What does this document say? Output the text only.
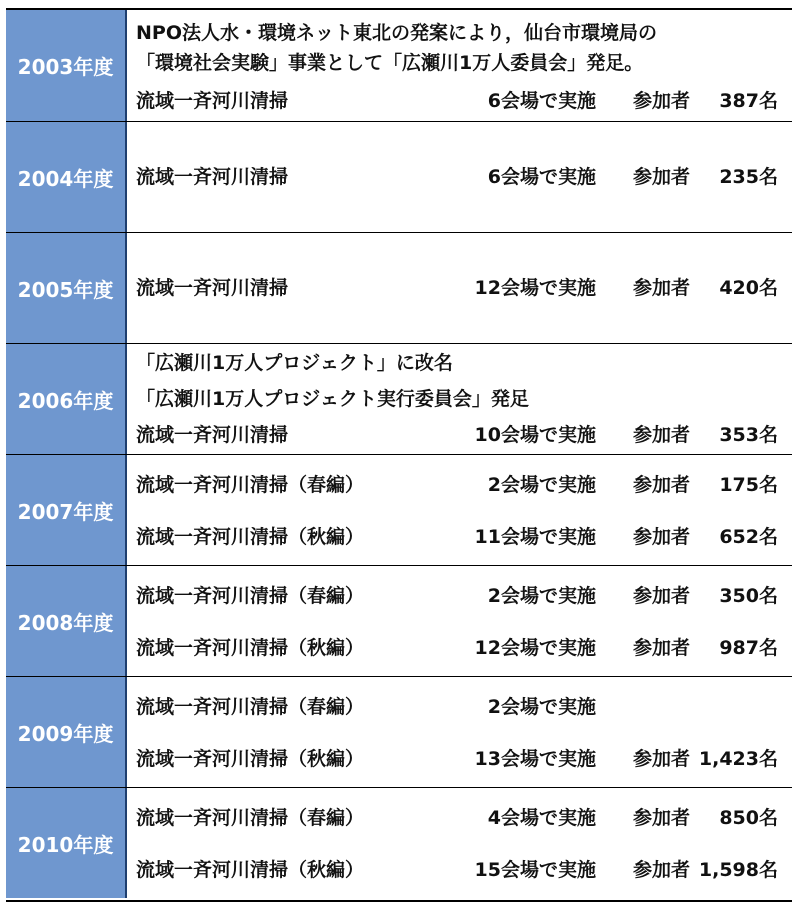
2003年度
NPO法人水・環境ネット東北の発案により，仙台市環境局の
「環境社会実験」事業として「広瀬川1万人委員会」発足。
流域一斉河川清掃	6会場で実施 参加者 387名
2004年度	流域一斉河川清掃	6会場で実施 参加者 235名
2005年度	流域一斉河川清掃	12会場で実施 参加者 420名
2006年度
「広瀬川1万人プロジェクト」に改名
「広瀬川1万人プロジェクト実行委員会」発足
流域一斉河川清掃	10会場で実施 参加者 353名
2007年度
流域一斉河川清掃（春編）	2会場で実施 参加者 175名
流域一斉河川清掃（秋編）	11会場で実施 参加者 652名
2008年度
流域一斉河川清掃（春編）	2会場で実施 参加者 350名
流域一斉河川清掃（秋編）	12会場で実施 参加者 987名
2009年度
流域一斉河川清掃（春編）	2会場で実施
流域一斉河川清掃（秋編）	13会場で実施 参加者 1,423名
2010年度
流域一斉河川清掃（春編）	4会場で実施 参加者 850名
流域一斉河川清掃（秋編）	15会場で実施 参加者 1,598名
